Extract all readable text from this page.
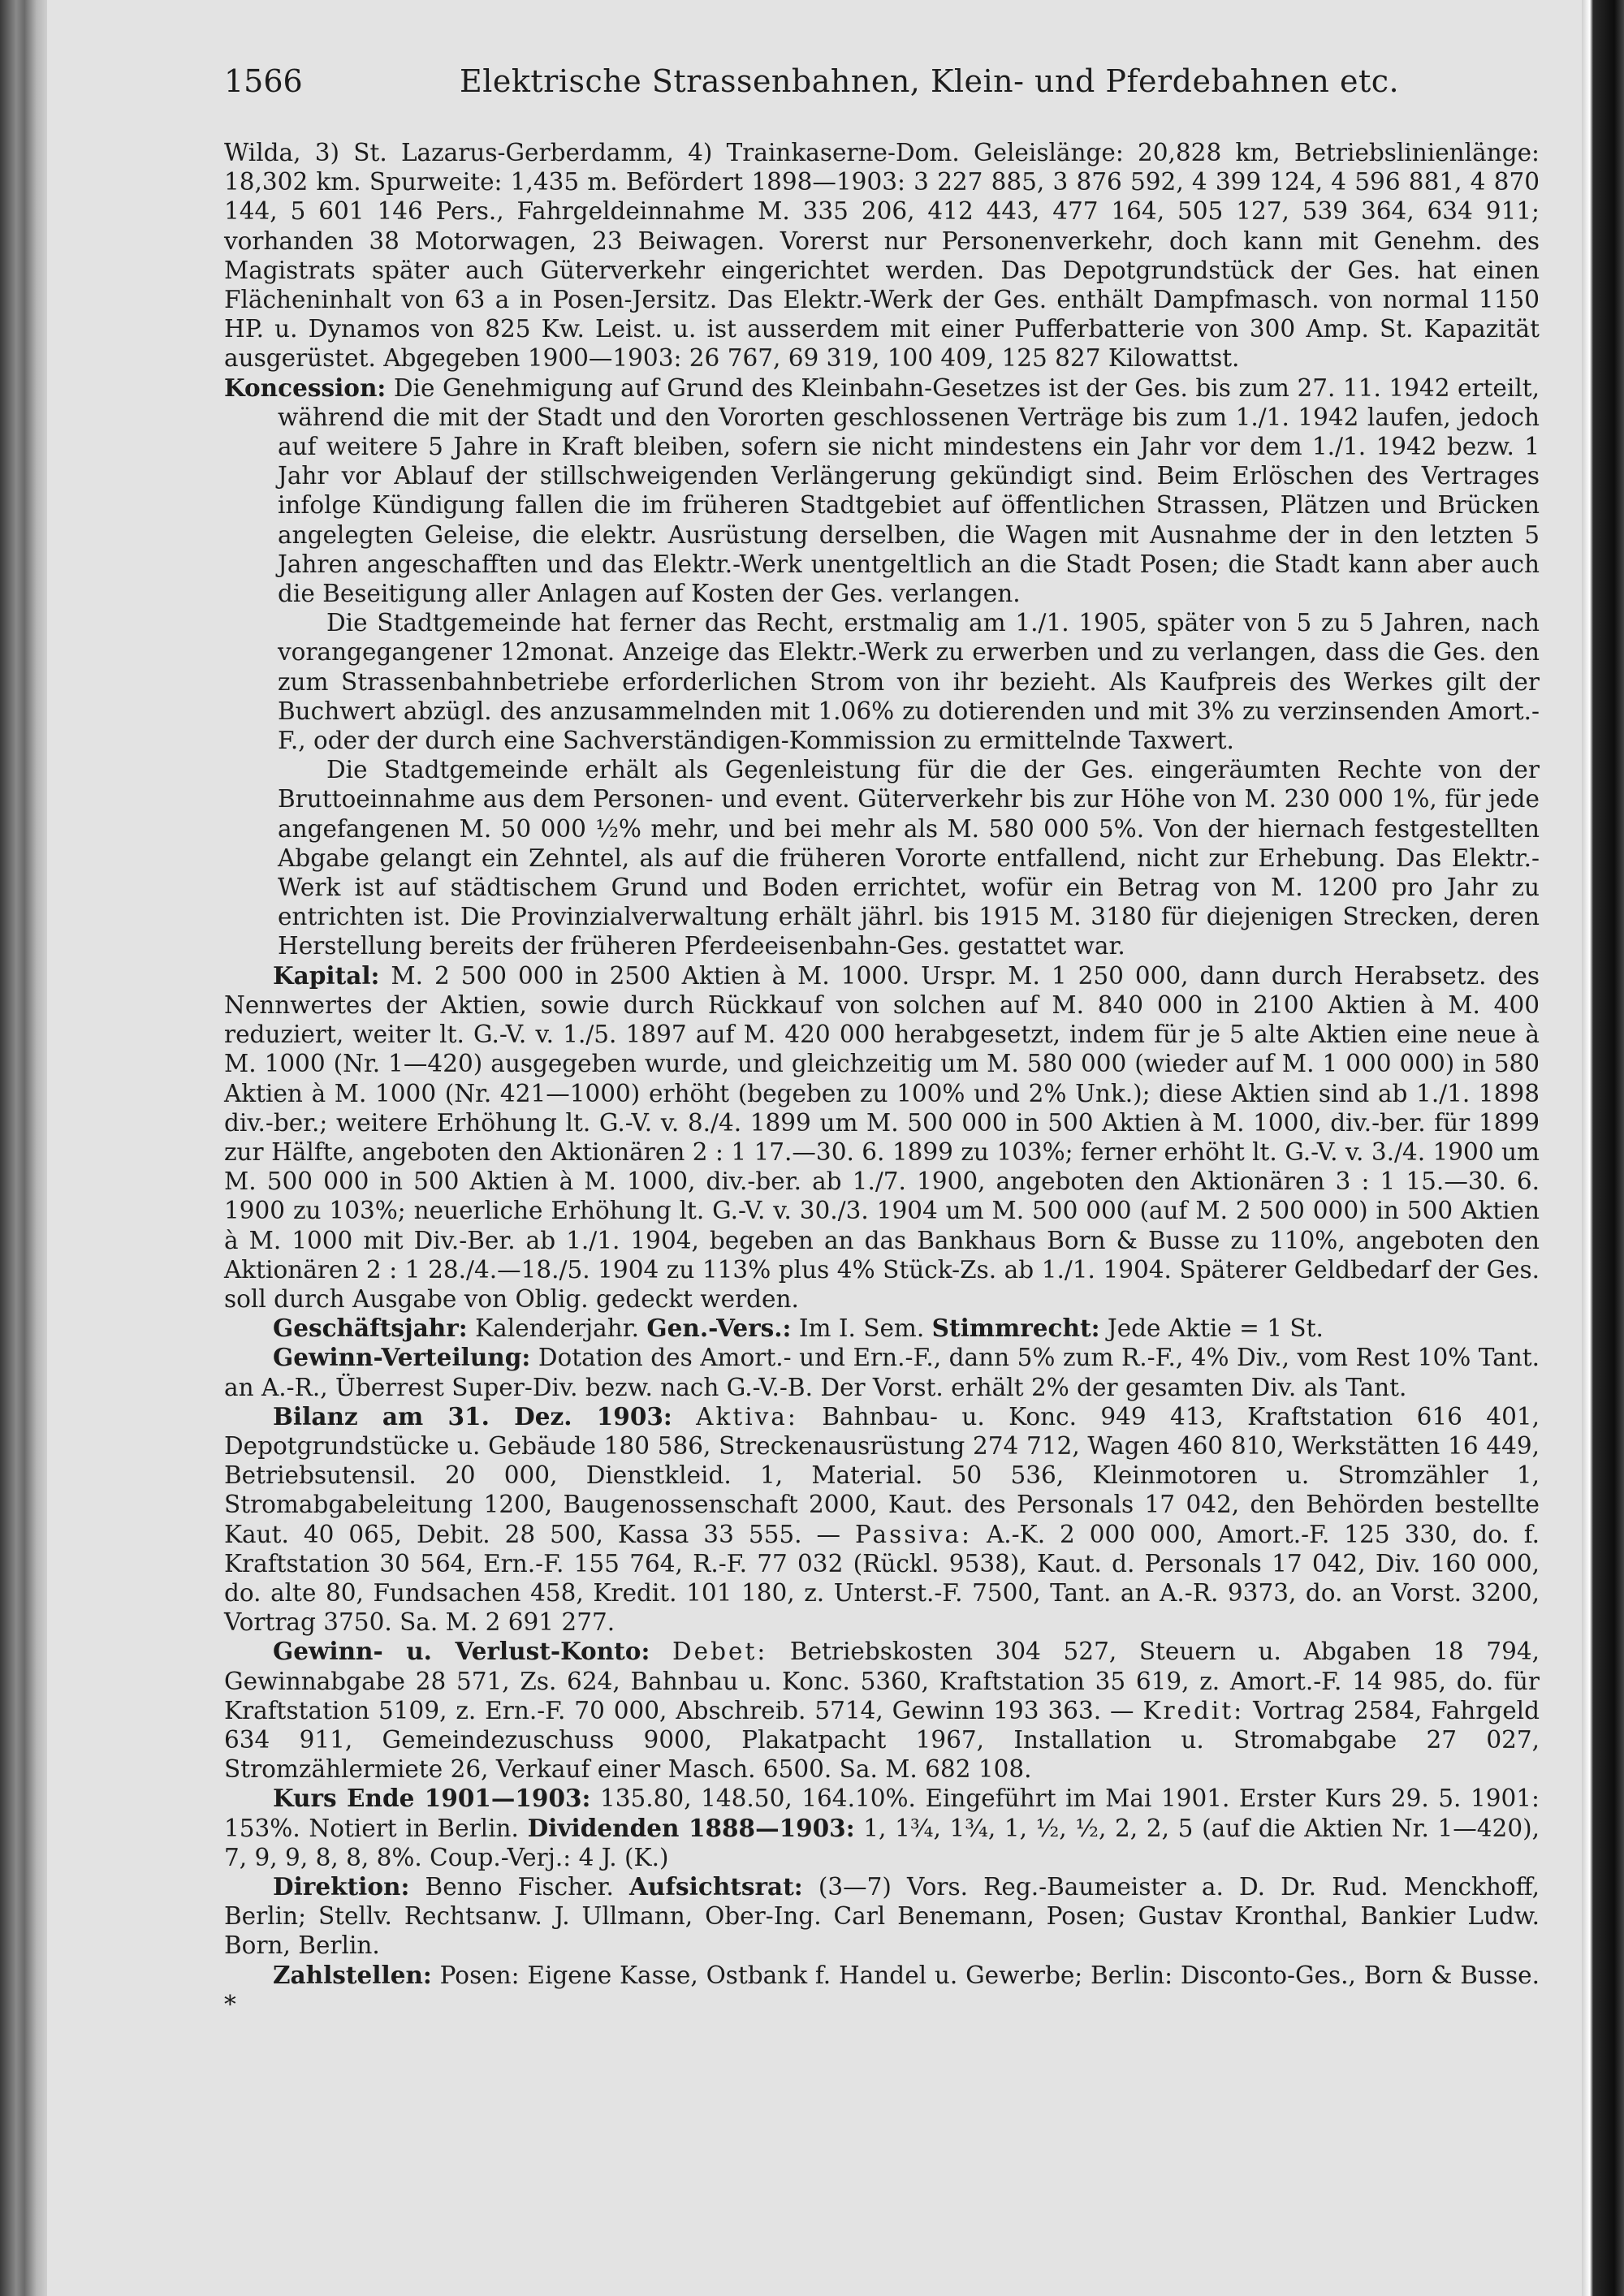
1566	Elektrische Strassenbahnen, Klein- und Pferdebahnen etc.

Wilda, 3) St. Lazarus-Gerberdamm, 4) Trainkaserne-Dom. Geleislänge: 20,828 km, Betriebslinienlänge: 18,302 km. Spurweite: 1,435 m. Befördert 1898—1903: 3 227 885, 3 876 592, 4 399 124, 4 596 881, 4 870 144, 5 601 146 Pers., Fahrgeldeinnahme M. 335 206, 412 443, 477 164, 505 127, 539 364, 634 911; vorhanden 38 Motorwagen, 23 Beiwagen. Vorerst nur Personenverkehr, doch kann mit Genehm. des Magistrats später auch Güterverkehr eingerichtet werden. Das Depotgrundstück der Ges. hat einen Flächeninhalt von 63 a in Posen-Jersitz. Das Elektr.-Werk der Ges. enthält Dampfmasch. von normal 1150 HP. u. Dynamos von 825 Kw. Leist. u. ist ausserdem mit einer Pufferbatterie von 300 Amp. St. Kapazität ausgerüstet. Abgegeben 1900—1903: 26 767, 69 319, 100 409, 125 827 Kilowattst.

Koncession: Die Genehmigung auf Grund des Kleinbahn-Gesetzes ist der Ges. bis zum 27. 11. 1942 erteilt, während die mit der Stadt und den Vororten geschlossenen Verträge bis zum 1./1. 1942 laufen, jedoch auf weitere 5 Jahre in Kraft bleiben, sofern sie nicht mindestens ein Jahr vor dem 1./1. 1942 bezw. 1 Jahr vor Ablauf der stillschweigenden Verlängerung gekündigt sind. Beim Erlöschen des Vertrages infolge Kündigung fallen die im früheren Stadtgebiet auf öffentlichen Strassen, Plätzen und Brücken angelegten Geleise, die elektr. Ausrüstung derselben, die Wagen mit Ausnahme der in den letzten 5 Jahren angeschafften und das Elektr.-Werk unentgeltlich an die Stadt Posen; die Stadt kann aber auch die Beseitigung aller Anlagen auf Kosten der Ges. verlangen.

Die Stadtgemeinde hat ferner das Recht, erstmalig am 1./1. 1905, später von 5 zu 5 Jahren, nach vorangegangener 12monat. Anzeige das Elektr.-Werk zu erwerben und zu verlangen, dass die Ges. den zum Strassenbahnbetriebe erforderlichen Strom von ihr bezieht. Als Kaufpreis des Werkes gilt der Buchwert abzügl. des anzusammelnden mit 1.06% zu dotierenden und mit 3% zu verzinsenden Amort.-F., oder der durch eine Sachverständigen-Kommission zu ermittelnde Taxwert.

Die Stadtgemeinde erhält als Gegenleistung für die der Ges. eingeräumten Rechte von der Bruttoeinnahme aus dem Personen- und event. Güterverkehr bis zur Höhe von M. 230 000 1%, für jede angefangenen M. 50 000 ½% mehr, und bei mehr als M. 580 000 5%. Von der hiernach festgestellten Abgabe gelangt ein Zehntel, als auf die früheren Vororte entfallend, nicht zur Erhebung. Das Elektr.-Werk ist auf städtischem Grund und Boden errichtet, wofür ein Betrag von M. 1200 pro Jahr zu entrichten ist. Die Provinzialverwaltung erhält jährl. bis 1915 M. 3180 für diejenigen Strecken, deren Herstellung bereits der früheren Pferdeeisenbahn-Ges. gestattet war.

Kapital: M. 2 500 000 in 2500 Aktien à M. 1000. Urspr. M. 1 250 000, dann durch Herabsetz. des Nennwertes der Aktien, sowie durch Rückkauf von solchen auf M. 840 000 in 2100 Aktien à M. 400 reduziert, weiter lt. G.-V. v. 1./5. 1897 auf M. 420 000 herabgesetzt, indem für je 5 alte Aktien eine neue à M. 1000 (Nr. 1—420) ausgegeben wurde, und gleichzeitig um M. 580 000 (wieder auf M. 1 000 000) in 580 Aktien à M. 1000 (Nr. 421—1000) erhöht (begeben zu 100% und 2% Unk.); diese Aktien sind ab 1./1. 1898 div.-ber.; weitere Erhöhung lt. G.-V. v. 8./4. 1899 um M. 500 000 in 500 Aktien à M. 1000, div.-ber. für 1899 zur Hälfte, angeboten den Aktionären 2 : 1 17.—30. 6. 1899 zu 103%; ferner erhöht lt. G.-V. v. 3./4. 1900 um M. 500 000 in 500 Aktien à M. 1000, div.-ber. ab 1./7. 1900, angeboten den Aktionären 3 : 1 15.—30. 6. 1900 zu 103%; neuerliche Erhöhung lt. G.-V. v. 30./3. 1904 um M. 500 000 (auf M. 2 500 000) in 500 Aktien à M. 1000 mit Div.-Ber. ab 1./1. 1904, begeben an das Bankhaus Born & Busse zu 110%, angeboten den Aktionären 2 : 1 28./4.—18./5. 1904 zu 113% plus 4% Stück-Zs. ab 1./1. 1904. Späterer Geldbedarf der Ges. soll durch Ausgabe von Oblig. gedeckt werden.

Geschäftsjahr: Kalenderjahr. Gen.-Vers.: Im I. Sem. Stimmrecht: Jede Aktie = 1 St.

Gewinn-Verteilung: Dotation des Amort.- und Ern.-F., dann 5% zum R.-F., 4% Div., vom Rest 10% Tant. an A.-R., Überrest Super-Div. bezw. nach G.-V.-B. Der Vorst. erhält 2% der gesamten Div. als Tant.

Bilanz am 31. Dez. 1903: Aktiva: Bahnbau- u. Konc. 949 413, Kraftstation 616 401, Depotgrundstücke u. Gebäude 180 586, Streckenausrüstung 274 712, Wagen 460 810, Werkstätten 16 449, Betriebsutensil. 20 000, Dienstkleid. 1, Material. 50 536, Kleinmotoren u. Stromzähler 1, Stromabgabeleitung 1200, Baugenossenschaft 2000, Kaut. des Personals 17 042, den Behörden bestellte Kaut. 40 065, Debit. 28 500, Kassa 33 555. — Passiva: A.-K. 2 000 000, Amort.-F. 125 330, do. f. Kraftstation 30 564, Ern.-F. 155 764, R.-F. 77 032 (Rückl. 9538), Kaut. d. Personals 17 042, Div. 160 000, do. alte 80, Fundsachen 458, Kredit. 101 180, z. Unterst.-F. 7500, Tant. an A.-R. 9373, do. an Vorst. 3200, Vortrag 3750. Sa. M. 2 691 277.

Gewinn- u. Verlust-Konto: Debet: Betriebskosten 304 527, Steuern u. Abgaben 18 794, Gewinnabgabe 28 571, Zs. 624, Bahnbau u. Konc. 5360, Kraftstation 35 619, z. Amort.-F. 14 985, do. für Kraftstation 5109, z. Ern.-F. 70 000, Abschreib. 5714, Gewinn 193 363. — Kredit: Vortrag 2584, Fahrgeld 634 911, Gemeindezuschuss 9000, Plakatpacht 1967, Installation u. Stromabgabe 27 027, Stromzählermiete 26, Verkauf einer Masch. 6500. Sa. M. 682 108.

Kurs Ende 1901—1903: 135.80, 148.50, 164.10%. Eingeführt im Mai 1901. Erster Kurs 29. 5. 1901: 153%. Notiert in Berlin. Dividenden 1888—1903: 1, 1¾, 1¾, 1, ½, ½, 2, 2, 5 (auf die Aktien Nr. 1—420), 7, 9, 9, 8, 8, 8%. Coup.-Verj.: 4 J. (K.)

Direktion: Benno Fischer. Aufsichtsrat: (3—7) Vors. Reg.-Baumeister a. D. Dr. Rud. Menckhoff, Berlin; Stellv. Rechtsanw. J. Ullmann, Ober-Ing. Carl Benemann, Posen; Gustav Kronthal, Bankier Ludw. Born, Berlin.

Zahlstellen: Posen: Eigene Kasse, Ostbank f. Handel u. Gewerbe; Berlin: Disconto-Ges., Born & Busse. *
